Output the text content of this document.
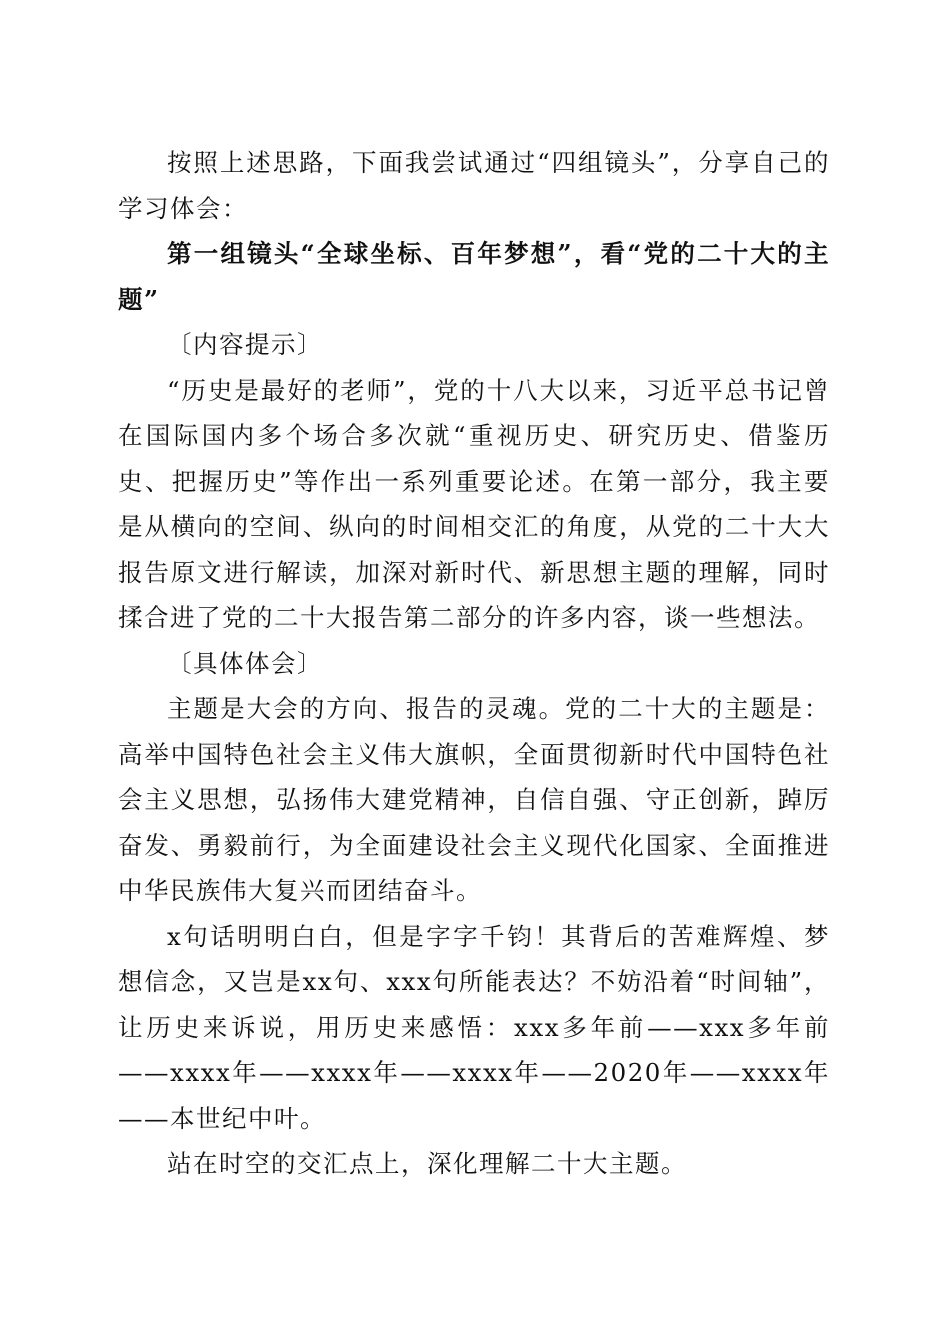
按照上述思路，下面我尝试通过“四组镜头”，分享自己的学习体会：

第一组镜头“全球坐标、百年梦想”，看“党的二十大的主题”

〔内容提示〕

“历史是最好的老师”，党的十八大以来，习近平总书记曾在国际国内多个场合多次就“重视历史、研究历史、借鉴历史、把握历史”等作出一系列重要论述。在第一部分，我主要是从横向的空间、纵向的时间相交汇的角度，从党的二十大大报告原文进行解读，加深对新时代、新思想主题的理解，同时揉合进了党的二十大报告第二部分的许多内容，谈一些想法。

〔具体体会〕

主题是大会的方向、报告的灵魂。党的二十大的主题是：高举中国特色社会主义伟大旗帜，全面贯彻新时代中国特色社会主义思想，弘扬伟大建党精神，自信自强、守正创新，踔厉奋发、勇毅前行，为全面建设社会主义现代化国家、全面推进中华民族伟大复兴而团结奋斗。

x句话明明白白，但是字字千钧！其背后的苦难辉煌、梦想信念，又岂是xx句、xxx句所能表达？不妨沿着“时间轴”，让历史来诉说，用历史来感悟：xxx多年前——xxx多年前——xxxx年——xxxx年——xxxx年——2020年——xxxx年——本世纪中叶。

站在时空的交汇点上，深化理解二十大主题。
